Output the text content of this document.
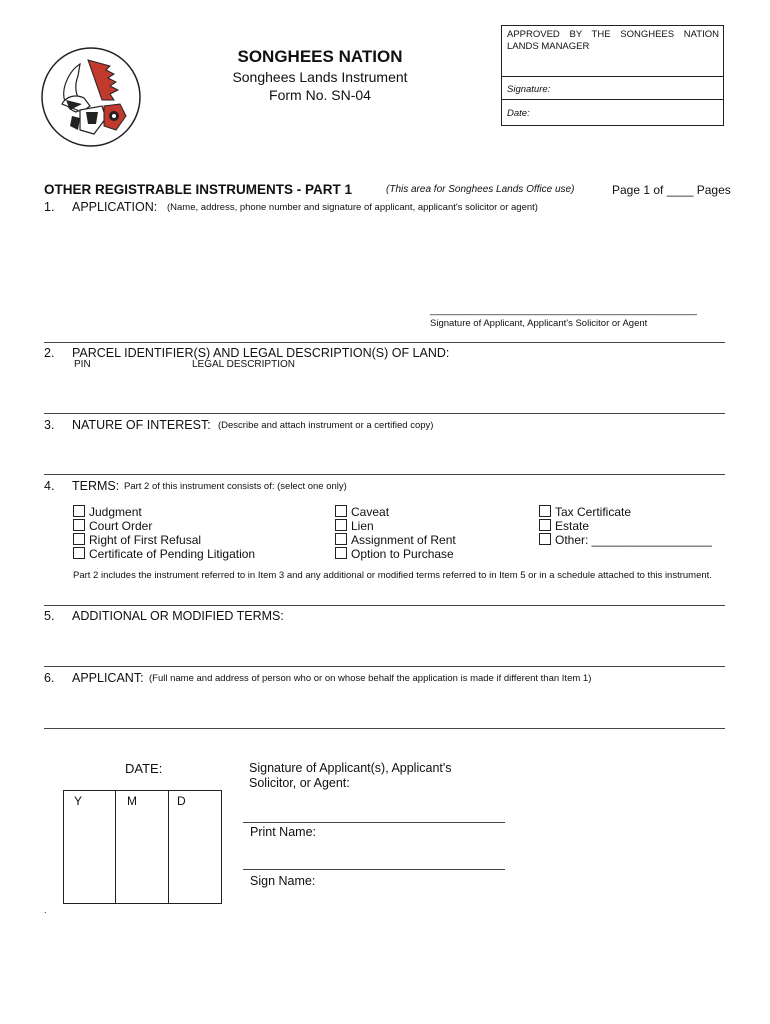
SONGHEES NATION
Songhees Lands Instrument
Form No. SN-04
APPROVED BY THE SONGHEES NATION LANDS MANAGER
Signature:
Date:
OTHER REGISTRABLE INSTRUMENTS - PART 1	(This area for Songhees Lands Office use)	Page 1 of ____ Pages
1. APPLICATION: (Name, address, phone number and signature of applicant, applicant's solicitor or agent)
________________________________________________
Signature of Applicant, Applicant's Solicitor or Agent
2. PARCEL IDENTIFIER(S) AND LEGAL DESCRIPTION(S) OF LAND:
PIN	LEGAL DESCRIPTION
3. NATURE OF INTEREST: (Describe and attach instrument or a certified copy)
4. TERMS: Part 2 of this instrument consists of: (select one only)
Judgment
Court Order
Right of First Refusal
Certificate of Pending Litigation
Caveat
Lien
Assignment of Rent
Option to Purchase
Tax Certificate
Estate
Other: __________________
Part 2 includes the instrument referred to in Item 3 and any additional or modified terms referred to in Item 5 or in a schedule attached to this instrument.
5. ADDITIONAL OR MODIFIED TERMS:
6. APPLICANT: (Full name and address of person who or on whose behalf the application is made if different than Item 1)
DATE:
Y	M	D
Signature of Applicant(s), Applicant's Solicitor, or Agent:
Print Name:
Sign Name:
.
